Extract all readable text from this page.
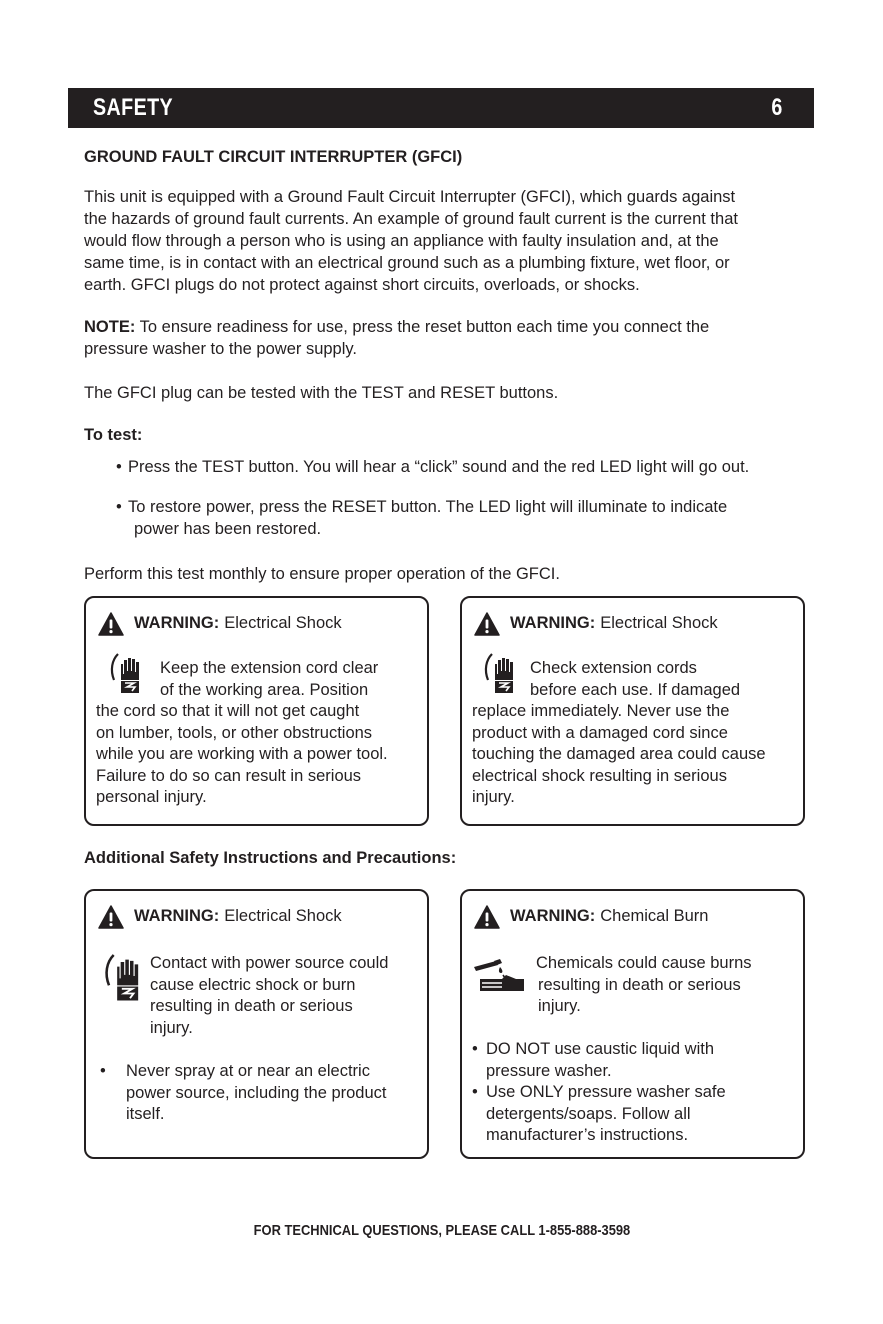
SAFETY	6
GROUND FAULT CIRCUIT INTERRUPTER (GFCI)
This unit is equipped with a Ground Fault Circuit Interrupter (GFCI), which guards against
the hazards of ground fault currents. An example of ground fault current is the current that
would flow through a person who is using an appliance with faulty insulation and, at the
same time, is in contact with an electrical ground such as a plumbing fixture, wet floor, or
earth. GFCI plugs do not protect against short circuits, overloads, or shocks.
NOTE: To ensure readiness for use, press the reset button each time you connect the
pressure washer to the power supply.
The GFCI plug can be tested with the TEST and RESET buttons.
To test:
• Press the TEST button. You will hear a “click” sound and the red LED light will go out.
• To restore power, press the RESET button. The LED light will illuminate to indicate
power has been restored.
Perform this test monthly to ensure proper operation of the GFCI.
WARNING: Electrical Shock
Keep the extension cord clear
of the working area. Position
the cord so that it will not get caught
on lumber, tools, or other obstructions
while you are working with a power tool.
Failure to do so can result in serious
personal injury.
WARNING: Electrical Shock
Check extension cords
before each use. If damaged
replace immediately. Never use the
product with a damaged cord since
touching the damaged area could cause
electrical shock resulting in serious
injury.
Additional Safety Instructions and Precautions:
WARNING: Electrical Shock
Contact with power source could
cause electric shock or burn
resulting in death or serious
injury.
•	Never spray at or near an electric
power source, including the product
itself.
WARNING: Chemical Burn
Chemicals could cause burns
resulting in death or serious
injury.
• DO NOT use caustic liquid with
pressure washer.
• Use ONLY pressure washer safe
detergents/soaps. Follow all
manufacturer’s instructions.
FOR TECHNICAL QUESTIONS, PLEASE CALL 1-855-888-3598
